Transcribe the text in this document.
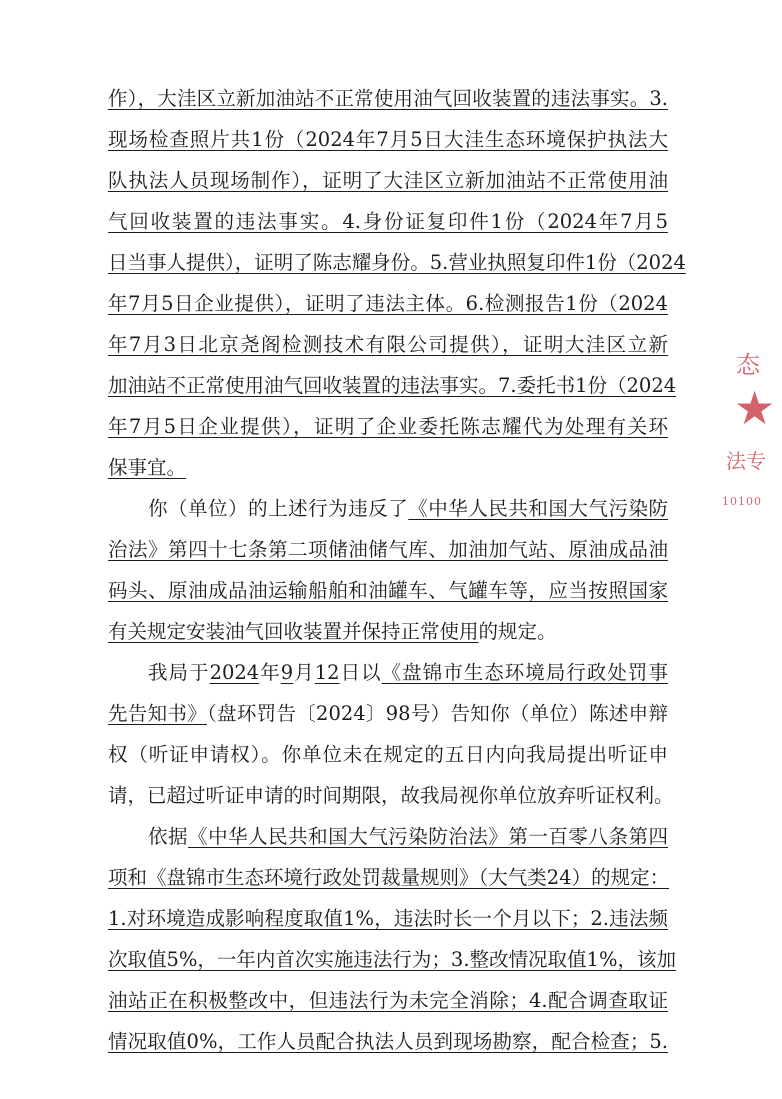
作），大洼区立新加油站不正常使用油气回收装置的违法事实。3.
现场检查照片共1份（2024年7月5日大洼生态环境保护执法大
队执法人员现场制作），证明了大洼区立新加油站不正常使用油
气回收装置的违法事实。4.身份证复印件1份（2024年7月5
日当事人提供），证明了陈志耀身份。5.营业执照复印件1份（2024
年7月5日企业提供），证明了违法主体。6.检测报告1份（2024
年7月3日北京尧阁检测技术有限公司提供），证明大洼区立新
加油站不正常使用油气回收装置的违法事实。7.委托书1份（2024
年7月5日企业提供），证明了企业委托陈志耀代为处理有关环
保事宜。
你（单位）的上述行为违反了《中华人民共和国大气污染防
治法》第四十七条第二项储油储气库、加油加气站、原油成品油
码头、原油成品油运输船舶和油罐车、气罐车等，应当按照国家
有关规定安装油气回收装置并保持正常使用的规定。
我局于2024年9月12日以《盘锦市生态环境局行政处罚事
先告知书》（盘环罚告〔2024〕98号）告知你（单位）陈述申辩
权（听证申请权）。你单位未在规定的五日内向我局提出听证申
请，已超过听证申请的时间期限，故我局视你单位放弃听证权利。
依据《中华人民共和国大气污染防治法》第一百零八条第四
项和《盘锦市生态环境行政处罚裁量规则》（大气类24）的规定：
1.对环境造成影响程度取值1%，违法时长一个月以下；2.违法频
次取值5%，一年内首次实施违法行为；3.整改情况取值1%，该加
油站正在积极整改中，但违法行为未完全消除；4.配合调查取证
情况取值0%，工作人员配合执法人员到现场勘察，配合检查；5.
态
★
法专
10100
